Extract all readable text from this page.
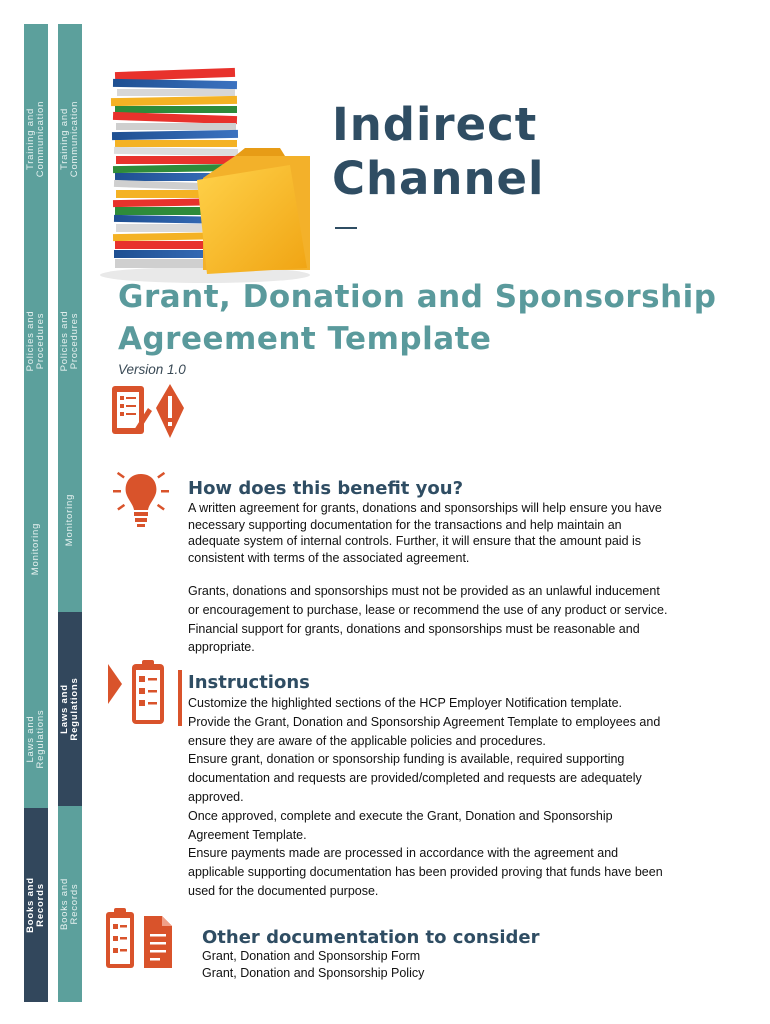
Training and
Communication
Policies and
Procedures
Monitoring
Laws and
Regulations
Books and
Records
Training and
Communication
Policies and
Procedures
Monitoring
Laws and
Regulations
Books and
Records
Indirect
Channel
Grant, Donation and Sponsorship
Agreement Template
Version 1.0
How does this benefit you?
A written agreement for grants, donations and sponsorships will help ensure you have
necessary supporting documentation for the transactions and help maintain an
adequate system of internal controls. Further, it will ensure that the amount paid is
consistent with terms of the associated agreement.
Grants, donations and sponsorships must not be provided as an unlawful inducement
or encouragement to purchase, lease or recommend the use of any product or service.
Financial support for grants, donations and sponsorships must be reasonable and
appropriate.
Instructions
Customize the highlighted sections of the HCP Employer Notification template.
Provide the Grant, Donation and Sponsorship Agreement Template to employees and
ensure they are aware of the applicable policies and procedures.
Ensure grant, donation or sponsorship funding is available, required supporting
documentation and requests are provided/completed and requests are adequately
approved.
Once approved, complete and execute the Grant, Donation and Sponsorship
Agreement Template.
Ensure payments made are processed in accordance with the agreement and
applicable supporting documentation has been provided proving that funds have been
used for the documented purpose.
Other documentation to consider
Grant, Donation and Sponsorship Form
Grant, Donation and Sponsorship Policy
